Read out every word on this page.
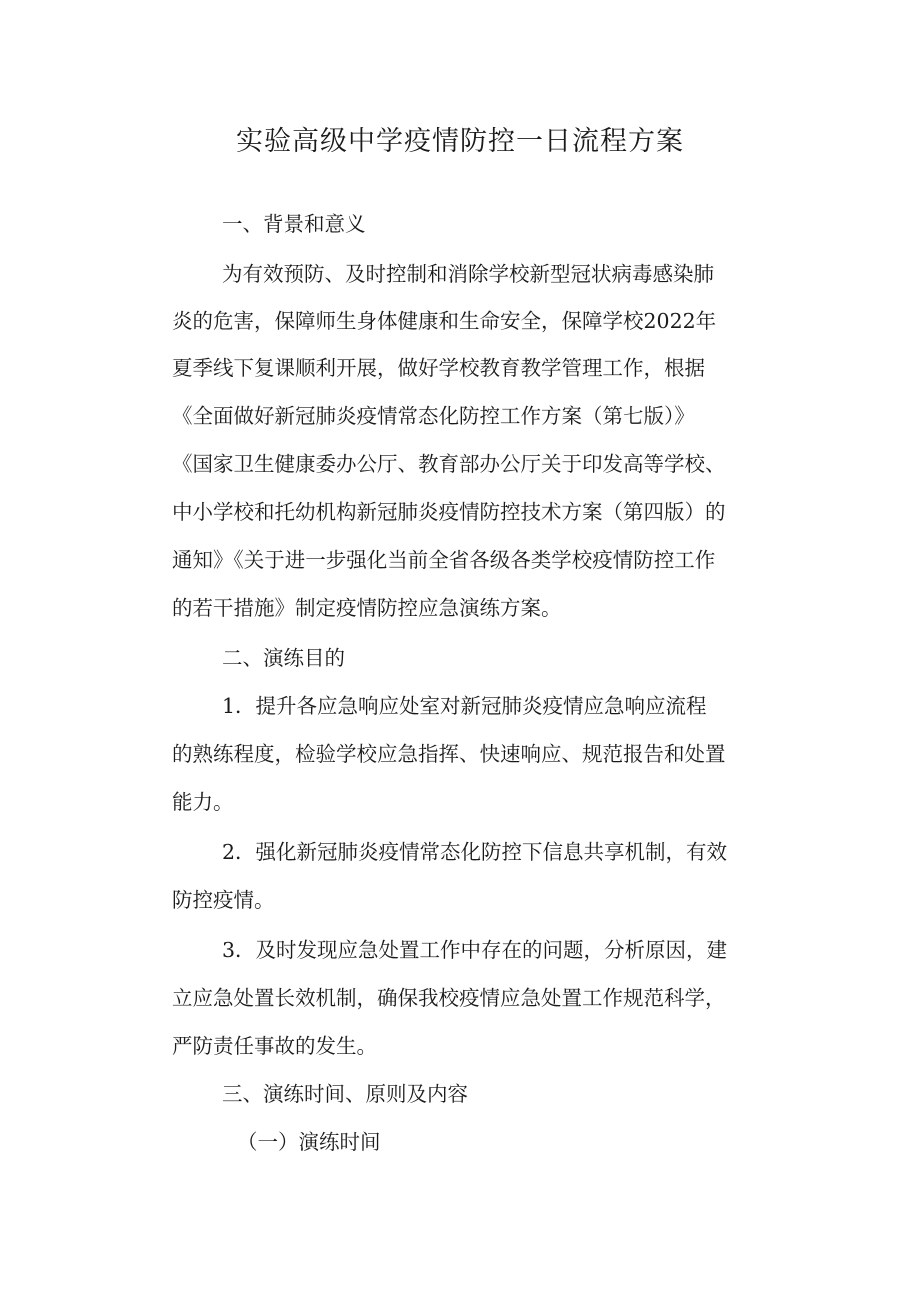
实验高级中学疫情防控一日流程方案
一、背景和意义
为有效预防、及时控制和消除学校新型冠状病毒感染肺
炎的危害，保障师生身体健康和生命安全，保障学校2022年
夏季线下复课顺利开展，做好学校教育教学管理工作，根据
《全面做好新冠肺炎疫情常态化防控工作方案（第七版）》
《国家卫生健康委办公厅、教育部办公厅关于印发高等学校、
中小学校和托幼机构新冠肺炎疫情防控技术方案（第四版）的
通知》《关于进一步强化当前全省各级各类学校疫情防控工作
的若干措施》制定疫情防控应急演练方案。
二、演练目的
1．提升各应急响应处室对新冠肺炎疫情应急响应流程
的熟练程度，检验学校应急指挥、快速响应、规范报告和处置
能力。
2．强化新冠肺炎疫情常态化防控下信息共享机制，有效
防控疫情。
3．及时发现应急处置工作中存在的问题，分析原因，建
立应急处置长效机制，确保我校疫情应急处置工作规范科学，
严防责任事故的发生。
三、演练时间、原则及内容
（一）演练时间
